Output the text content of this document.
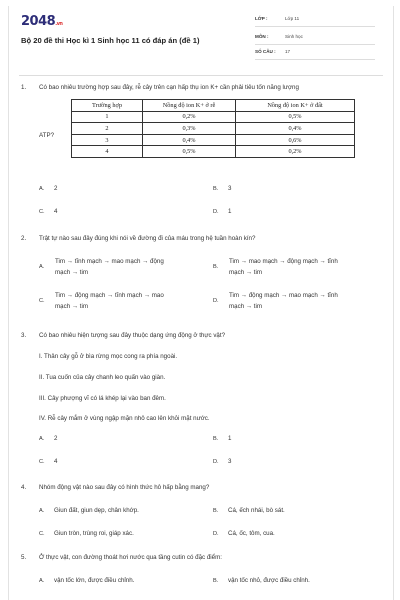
2048.vn
Bộ 20 đề thi Học kì 1 Sinh học 11 có đáp án (đề 1)
LỚP :	Lớp 11
MÔN :	Sinh học
SỐ CÂU : 17
1. Có bao nhiêu trường hợp sau đây, rễ cây trên cạn hấp thụ ion K+ cần phải tiêu tốn năng lượng
Trường hợp	Nồng độ ion K+ ở rễ	Nồng độ ion K+ ở đất
1	0,2%	0,5%
2	0,3%	0,4%
3	0,4%	0,6%
4	0,5%	0,2%
ATP?
A. 2	B. 3
C. 4	D. 1
2. Trật tự nào sau đây đúng khi nói về đường đi của máu trong hệ tuần hoàn kín?
A.
Tim → tĩnh mạch → mao mạch → động
mạch → tim
B.
Tim → mao mạch → động mạch → tĩnh
mạch → tim
C.
Tim → động mạch → tĩnh mạch → mao
mạch → tim
D.
Tim → động mạch → mao mạch → tĩnh
mạch → tim
3. Có bao nhiêu hiện tượng sau đây thuộc dạng ứng động ở thực vật?
I. Thân cây gỗ ở bìa rừng mọc cong ra phía ngoài.
II. Tua cuốn của cây chanh leo quấn vào giàn.
III. Cây phượng vĩ có lá khép lại vào ban đêm.
IV. Rễ cây mắm ở vùng ngập mặn nhô cao lên khỏi mặt nước.
A. 2	B. 1
C. 4	D. 3
4. Nhóm động vật nào sau đây có hình thức hô hấp bằng mang?
A. Giun đất, giun dẹp, chân khớp.	B. Cá, ếch nhái, bò sát.
C. Giun tròn, trùng roi, giáp xác.	D. Cá, ốc, tôm, cua.
5. Ở thực vật, con đường thoát hơi nước qua tầng cutin có đặc điểm:
A. vận tốc lớn, được điều chỉnh.	B. vận tốc nhỏ, được điều chỉnh.
